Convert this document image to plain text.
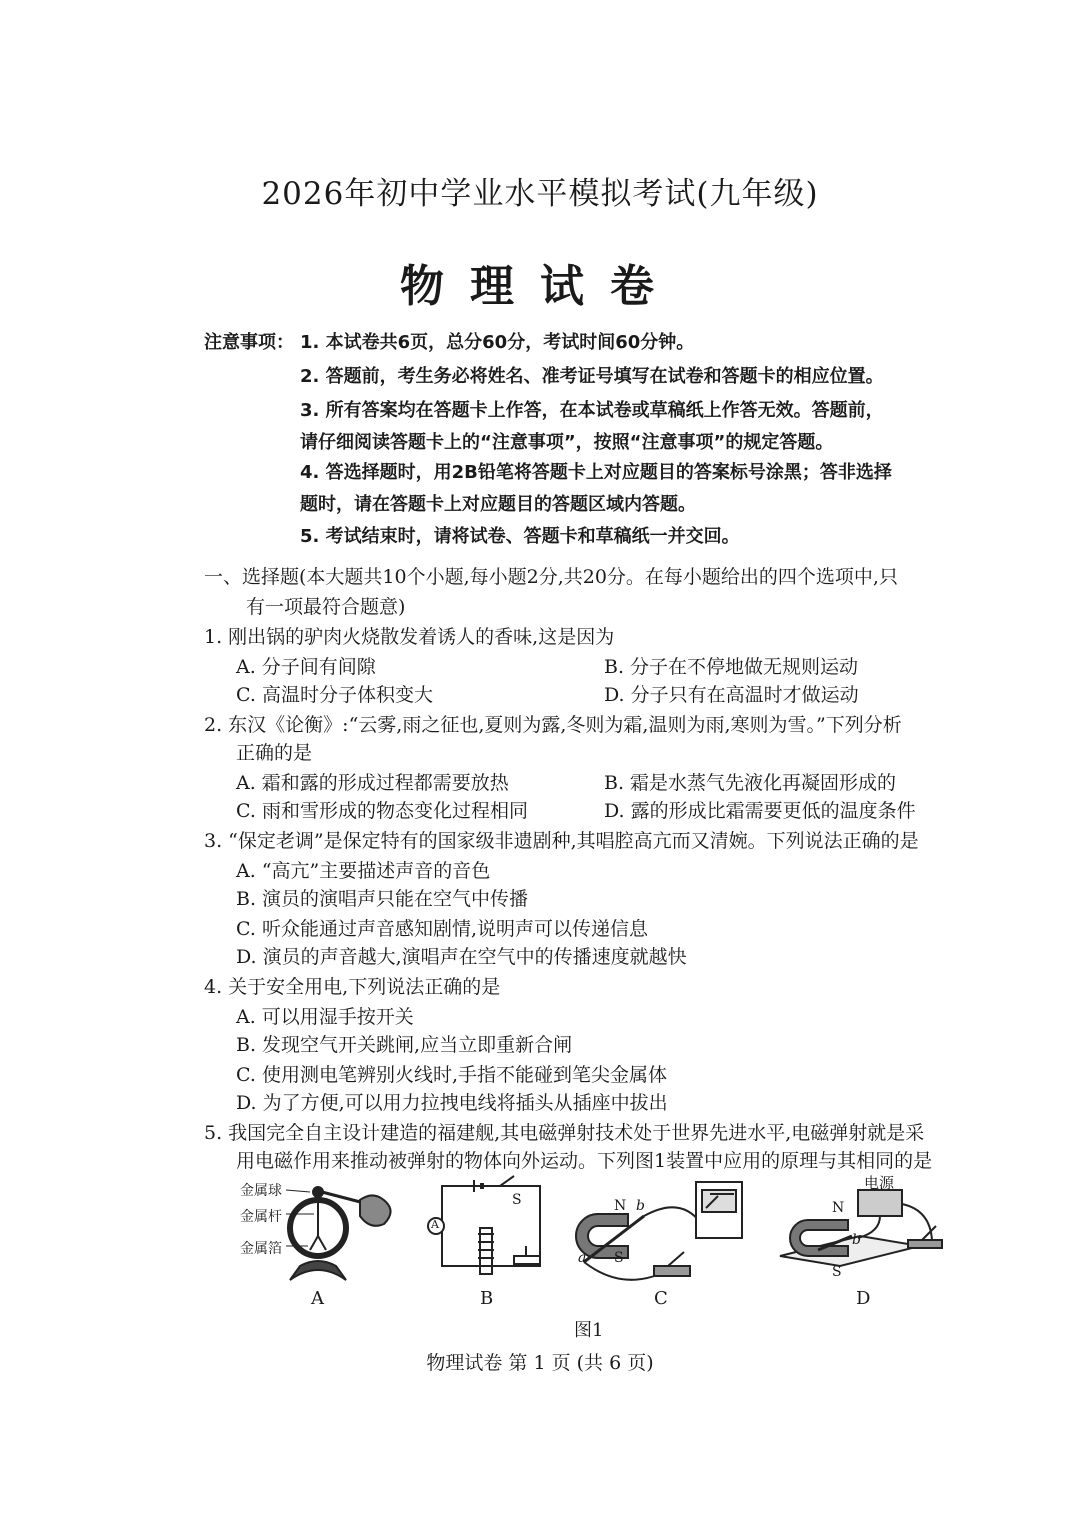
2026年初中学业水平模拟考试(九年级)
物理试卷
注意事项： 1. 本试卷共6页，总分60分，考试时间60分钟。
2. 答题前，考生务必将姓名、准考证号填写在试卷和答题卡的相应位置。
3. 所有答案均在答题卡上作答，在本试卷或草稿纸上作答无效。答题前，
请仔细阅读答题卡上的“注意事项”，按照“注意事项”的规定答题。
4. 答选择题时，用2B铅笔将答题卡上对应题目的答案标号涂黑；答非选择
题时，请在答题卡上对应题目的答题区域内答题。
5. 考试结束时，请将试卷、答题卡和草稿纸一并交回。
一、选择题(本大题共10个小题,每小题2分,共20分。在每小题给出的四个选项中,只
有一项最符合题意)
1. 刚出锅的驴肉火烧散发着诱人的香味,这是因为
A. 分子间有间隙	B. 分子在不停地做无规则运动
C. 高温时分子体积变大	D. 分子只有在高温时才做运动
2. 东汉《论衡》:“云雾,雨之征也,夏则为露,冬则为霜,温则为雨,寒则为雪。”下列分析
正确的是
A. 霜和露的形成过程都需要放热	B. 霜是水蒸气先液化再凝固形成的
C. 雨和雪形成的物态变化过程相同	D. 露的形成比霜需要更低的温度条件
3. “保定老调”是保定特有的国家级非遗剧种,其唱腔高亢而又清婉。下列说法正确的是
A. “高亢”主要描述声音的音色
B. 演员的演唱声只能在空气中传播
C. 听众能通过声音感知剧情,说明声可以传递信息
D. 演员的声音越大,演唱声在空气中的传播速度就越快
4. 关于安全用电,下列说法正确的是
A. 可以用湿手按开关
B. 发现空气开关跳闸,应当立即重新合闸
C. 使用测电笔辨别火线时,手指不能碰到笔尖金属体
D. 为了方便,可以用力拉拽电线将插头从插座中拔出
5. 我国完全自主设计建造的福建舰,其电磁弹射技术处于世界先进水平,电磁弹射就是采
用电磁作用来推动被弹射的物体向外运动。下列图1装置中应用的原理与其相同的是
金属球
金属杆
金属箔
A
S	N
S
a
b	N
S
b
电源
A	B	C	D
图1
物理试卷 第 1 页 (共 6 页)
